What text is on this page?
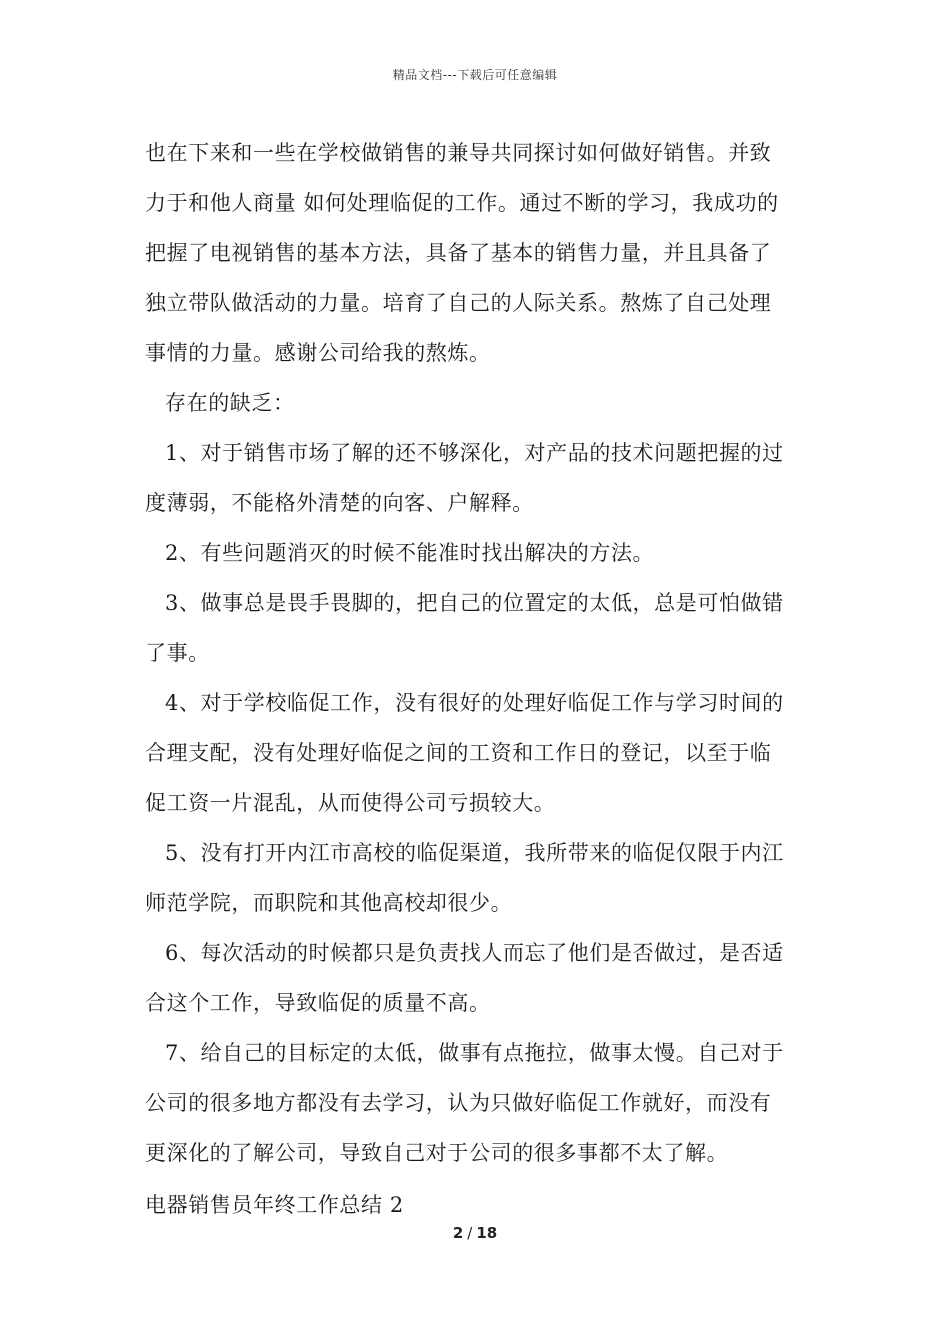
精品文档---下载后可任意编辑
也在下来和一些在学校做销售的兼导共同探讨如何做好销售。并致
力于和他人商量 如何处理临促的工作。通过不断的学习，我成功的
把握了电视销售的基本方法，具备了基本的销售力量，并且具备了
独立带队做活动的力量。培育了自己的人际关系。熬炼了自己处理
事情的力量。感谢公司给我的熬炼。
存在的缺乏：
1、对于销售市场了解的还不够深化，对产品的技术问题把握的过
度薄弱，不能格外清楚的向客、户解释。
2、有些问题消灭的时候不能准时找出解决的方法。
3、做事总是畏手畏脚的，把自己的位置定的太低，总是可怕做错
了事。
4、对于学校临促工作，没有很好的处理好临促工作与学习时间的
合理支配，没有处理好临促之间的工资和工作日的登记，以至于临
促工资一片混乱，从而使得公司亏损较大。
5、没有打开内江市高校的临促渠道，我所带来的临促仅限于内江
师范学院，而职院和其他高校却很少。
6、每次活动的时候都只是负责找人而忘了他们是否做过，是否适
合这个工作，导致临促的质量不高。
7、给自己的目标定的太低，做事有点拖拉，做事太慢。自己对于
公司的很多地方都没有去学习，认为只做好临促工作就好，而没有
更深化的了解公司，导致自己对于公司的很多事都不太了解。
电器销售员年终工作总结 2
2 / 18
